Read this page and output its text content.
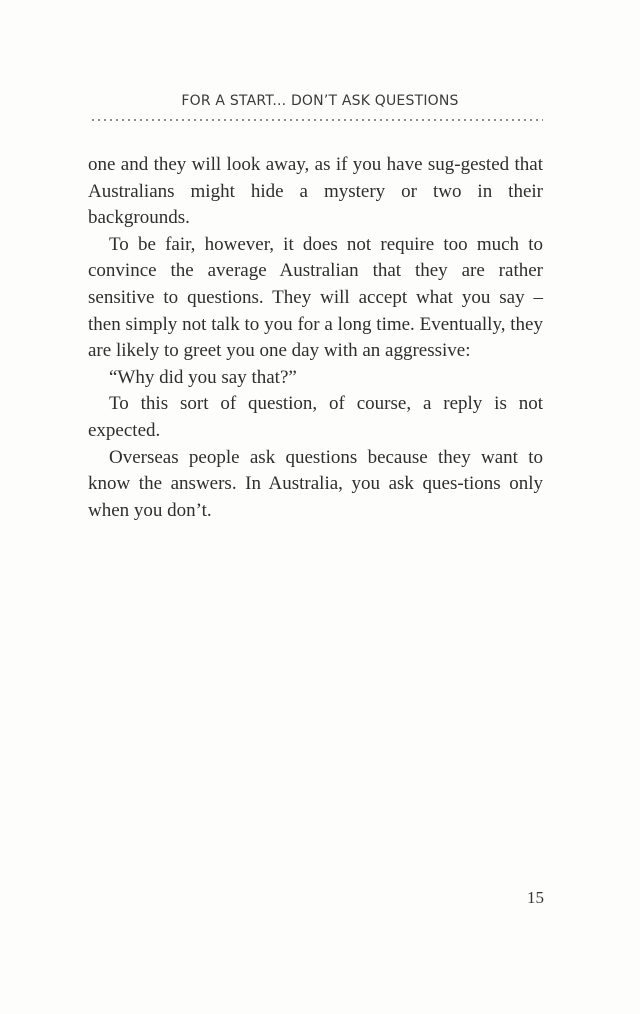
FOR A START... DON’T ASK QUESTIONS

one and they will look away, as if you have sug-gested that Australians might hide a mystery or two in their backgrounds.

To be fair, however, it does not require too much to convince the average Australian that they are rather sensitive to questions. They will accept what you say – then simply not talk to you for a long time. Eventually, they are likely to greet you one day with an aggressive:

“Why did you say that?”

To this sort of question, of course, a reply is not expected.

Overseas people ask questions because they want to know the answers. In Australia, you ask ques-tions only when you don’t.

15
